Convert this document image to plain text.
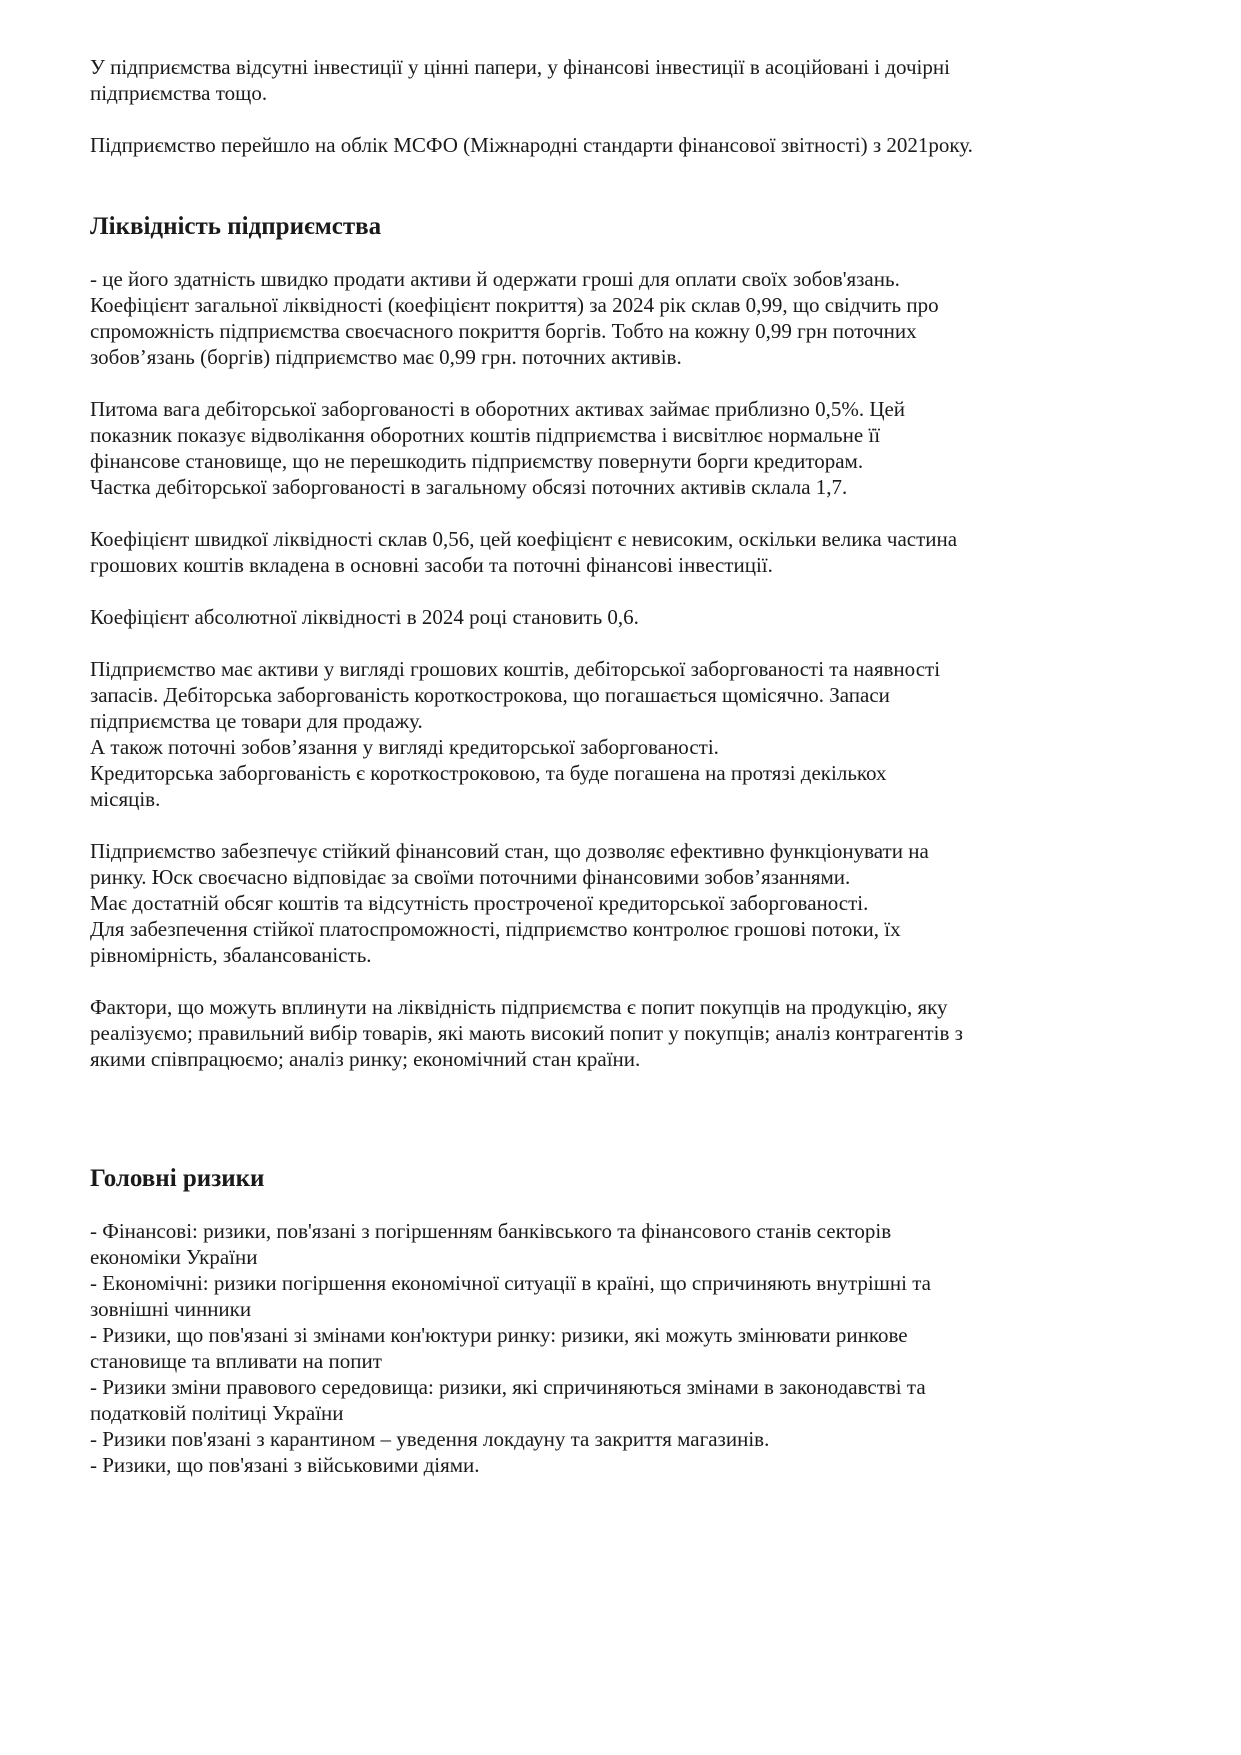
У підприємства відсутні інвестиції у цінні папери, у фінансові інвестиції в асоційовані і дочірні
підприємства тощо.
Підприємство перейшло на облік МСФО (Міжнародні стандарти фінансової звітності) з 2021року.
Ліквідність підприємства
- це його здатність швидко продати активи й одержати гроші для оплати своїх зобов'язань.
Коефіцієнт загальної ліквідності (коефіцієнт покриття) за 2024 рік склав 0,99, що свідчить про
спроможність підприємства своєчасного покриття боргів. Тобто на кожну 0,99 грн поточних
зобов’язань (боргів) підприємство має 0,99 грн. поточних активів.
Питома вага дебіторської заборгованості в оборотних активах займає приблизно 0,5%. Цей
показник показує відволікання оборотних коштів підприємства і висвітлює нормальне її
фінансове становище, що не перешкодить підприємству повернути борги кредиторам.
Частка дебіторської заборгованості в загальному обсязі поточних активів склала 1,7.
Коефіцієнт швидкої ліквідності склав 0,56, цей коефіцієнт є невисоким, оскільки велика частина
грошових коштів вкладена в основні засоби та поточні фінансові інвестиції.
Коефіцієнт абсолютної ліквідності в 2024 році становить 0,6.
Підприємство має активи у вигляді грошових коштів, дебіторської заборгованості та наявності
запасів. Дебіторська заборгованість короткострокова, що погашається щомісячно. Запаси
підприємства це товари для продажу.
А також поточні зобов’язання у вигляді кредиторської заборгованості.
Кредиторська заборгованість є короткостроковою, та буде погашена на протязі декількох
місяців.
Підприємство забезпечує стійкий фінансовий стан, що дозволяє ефективно функціонувати на
ринку. Юск своєчасно відповідає за своїми поточними фінансовими зобов’язаннями.
Має достатній обсяг коштів та відсутність простроченої кредиторської заборгованості.
Для забезпечення стійкої платоспроможності, підприємство контролює грошові потоки, їх
рівномірність, збалансованість.
Фактори, що можуть вплинути на ліквідність підприємства є попит покупців на продукцію, яку
реалізуємо; правильний вибір товарів, які мають високий попит у покупців; аналіз контрагентів з
якими співпрацюємо; аналіз ринку; економічний стан країни.
Головні ризики
- Фінансові: ризики, пов'язані з погіршенням банківського та фінансового станів секторів
економіки України
- Економічні: ризики погіршення економічної ситуації в країні, що спричиняють внутрішні та
зовнішні чинники
- Ризики, що пов'язані зі змінами кон'юктури ринку: ризики, які можуть змінювати ринкове
становище та впливати на попит
- Ризики зміни правового середовища: ризики, які спричиняються змінами в законодавстві та
податковій політиці України
- Ризики пов'язані з карантином – уведення локдауну та закриття магазинів.
- Ризики, що пов'язані з військовими діями.
